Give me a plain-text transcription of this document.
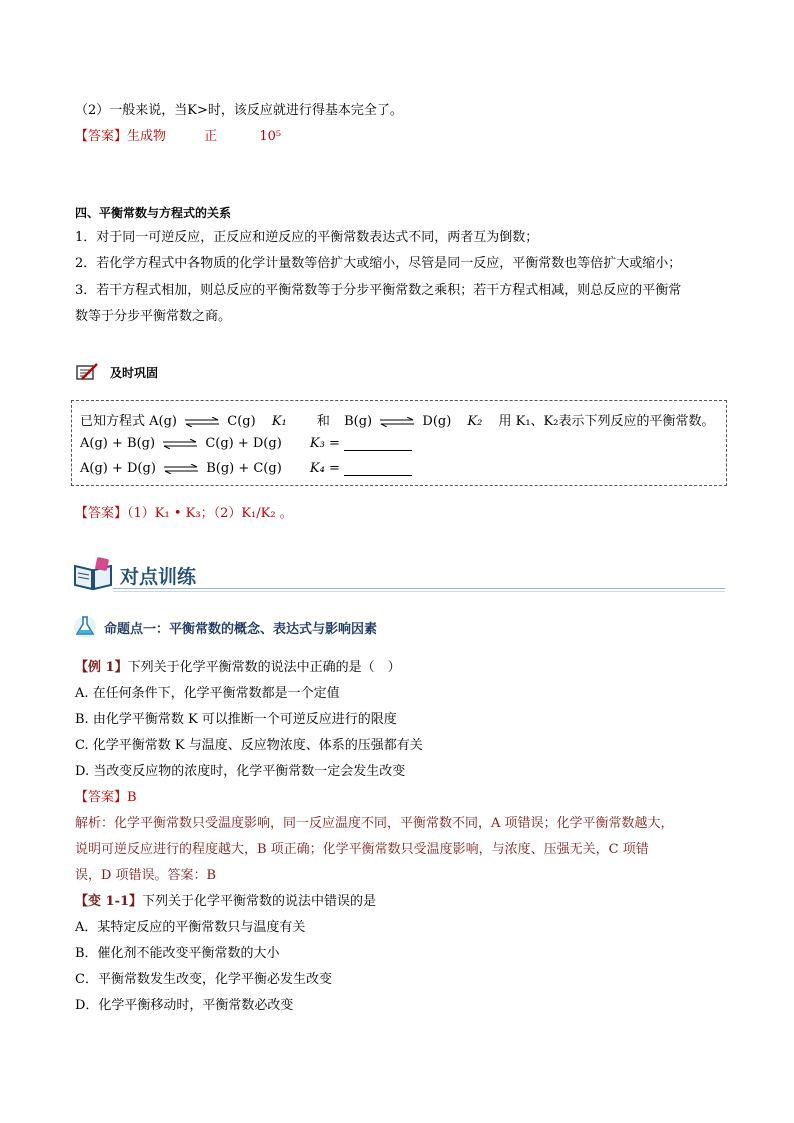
（2）一般来说，当K>时，该反应就进行得基本完全了。
【答案】生成物	正	10⁵
四、平衡常数与方程式的关系
1．对于同一可逆反应，正反应和逆反应的平衡常数表达式不同，两者互为倒数；
2．若化学方程式中各物质的化学计量数等倍扩大或缩小，尽管是同一反应，平衡常数也等倍扩大或缩小；
3．若干方程式相加，则总反应的平衡常数等于分步平衡常数之乘积；若干方程式相减，则总反应的平衡常
数等于分步平衡常数之商。
及时巩固
已知方程式 A(g) ⇌ C(g) K₁ 和 B(g) ⇌ D(g) K₂ 用 K₁、K₂表示下列反应的平衡常数。
A(g) + B(g) ⇌ C(g) + D(g) K₃ =
A(g) + D(g) ⇌ B(g) + C(g) K₄ =
【答案】（1）K₁ • K₃；（2）K₁/K₂ 。
对点训练
命题点一：平衡常数的概念、表达式与影响因素
【例 1】下列关于化学平衡常数的说法中正确的是（　）
A. 在任何条件下，化学平衡常数都是一个定值
B. 由化学平衡常数 K 可以推断一个可逆反应进行的限度
C. 化学平衡常数 K 与温度、反应物浓度、体系的压强都有关
D. 当改变反应物的浓度时，化学平衡常数一定会发生改变
【答案】B
解析：化学平衡常数只受温度影响，同一反应温度不同，平衡常数不同，A 项错误；化学平衡常数越大，
说明可逆反应进行的程度越大，B 项正确；化学平衡常数只受温度影响，与浓度、压强无关，C 项错
误，D 项错误。答案：B
【变 1-1】下列关于化学平衡常数的说法中错误的是
A．某特定反应的平衡常数只与温度有关
B．催化剂不能改变平衡常数的大小
C．平衡常数发生改变，化学平衡必发生改变
D．化学平衡移动时，平衡常数必改变
